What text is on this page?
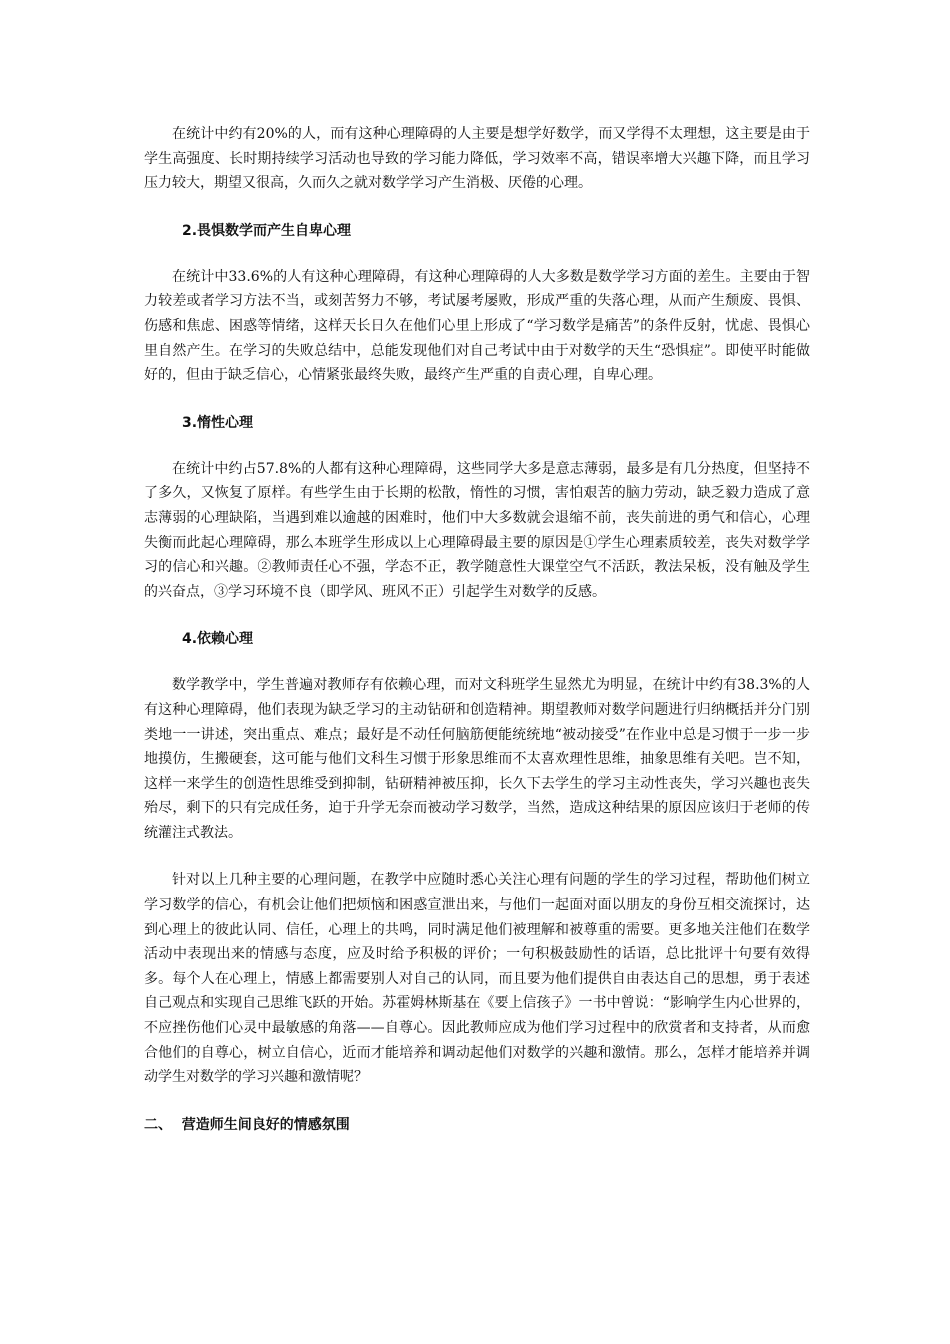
在统计中约有20%的人，而有这种心理障碍的人主要是想学好数学，而又学得不太理想，这主要是由于学生高强度、长时期持续学习活动也导致的学习能力降低，学习效率不高，错误率增大兴趣下降，而且学习压力较大，期望又很高，久而久之就对数学学习产生消极、厌倦的心理。

2.畏惧数学而产生自卑心理

在统计中33.6%的人有这种心理障碍，有这种心理障碍的人大多数是数学学习方面的差生。主要由于智力较差或者学习方法不当，或刻苦努力不够，考试屡考屡败，形成严重的失落心理，从而产生颓废、畏惧、伤感和焦虑、困惑等情绪，这样天长日久在他们心里上形成了“学习数学是痛苦”的条件反射，忧虑、畏惧心里自然产生。在学习的失败总结中，总能发现他们对自己考试中由于对数学的天生“恐惧症”。即使平时能做好的，但由于缺乏信心，心情紧张最终失败，最终产生严重的自责心理，自卑心理。

3.惰性心理

在统计中约占57.8%的人都有这种心理障碍，这些同学大多是意志薄弱，最多是有几分热度，但坚持不了多久，又恢复了原样。有些学生由于长期的松散，惰性的习惯，害怕艰苦的脑力劳动，缺乏毅力造成了意志薄弱的心理缺陷，当遇到难以逾越的困难时，他们中大多数就会退缩不前，丧失前进的勇气和信心，心理失衡而此起心理障碍，那么本班学生形成以上心理障碍最主要的原因是①学生心理素质较差，丧失对数学学习的信心和兴趣。②教师责任心不强，学态不正，教学随意性大课堂空气不活跃，教法呆板，没有触及学生的兴奋点，③学习环境不良（即学风、班风不正）引起学生对数学的反感。

4.依赖心理

数学教学中，学生普遍对教师存有依赖心理，而对文科班学生显然尤为明显，在统计中约有38.3%的人有这种心理障碍，他们表现为缺乏学习的主动钻研和创造精神。期望教师对数学问题进行归纳概括并分门别类地一一讲述，突出重点、难点；最好是不动任何脑筋便能统统地“被动接受”在作业中总是习惯于一步一步地摸仿，生搬硬套，这可能与他们文科生习惯于形象思维而不太喜欢理性思维，抽象思维有关吧。岂不知，这样一来学生的创造性思维受到抑制，钻研精神被压抑，长久下去学生的学习主动性丧失，学习兴趣也丧失殆尽，剩下的只有完成任务，迫于升学无奈而被动学习数学，当然，造成这种结果的原因应该归于老师的传统灌注式教法。

针对以上几种主要的心理问题，在教学中应随时悉心关注心理有问题的学生的学习过程，帮助他们树立学习数学的信心，有机会让他们把烦恼和困惑宣泄出来，与他们一起面对面以朋友的身份互相交流探讨，达到心理上的彼此认同、信任，心理上的共鸣，同时满足他们被理解和被尊重的需要。更多地关注他们在数学活动中表现出来的情感与态度，应及时给予积极的评价；一句积极鼓励性的话语，总比批评十句要有效得多。每个人在心理上，情感上都需要别人对自己的认同，而且要为他们提供自由表达自己的思想，勇于表述自己观点和实现自己思维飞跃的开始。苏霍姆林斯基在《要上信孩子》一书中曾说：“影响学生内心世界的，不应挫伤他们心灵中最敏感的角落——自尊心。因此教师应成为他们学习过程中的欣赏者和支持者，从而愈合他们的自尊心，树立自信心，近而才能培养和调动起他们对数学的兴趣和激情。那么，怎样才能培养并调动学生对数学的学习兴趣和激情呢？

二、  营造师生间良好的情感氛围
